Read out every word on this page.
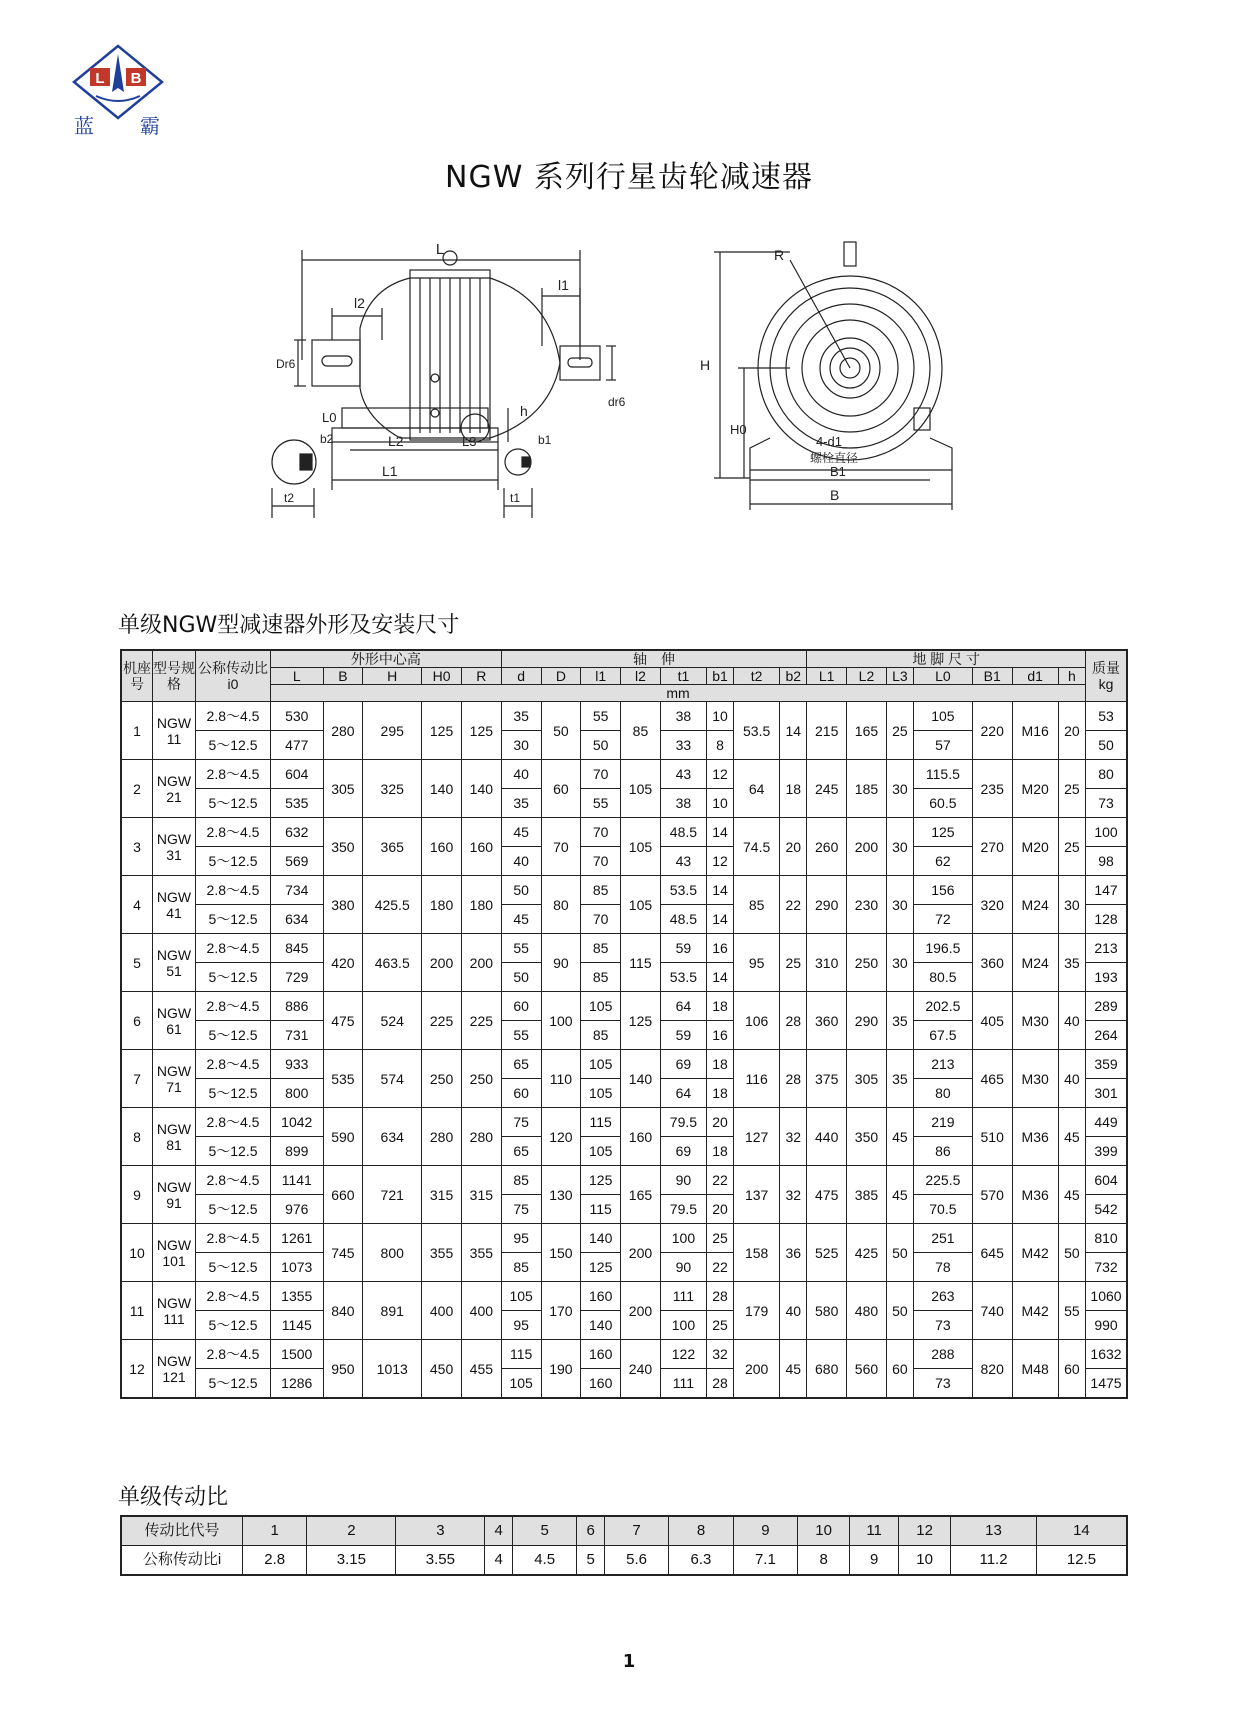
L B
蓝 霸
NGW 系列行星齿轮减速器
L
l2
Dr6
l1
dr6
h
L0
L2	L3
L1
b2
t2
b1
t1
H
H0
R
4-d1
螺栓直径
B1
B
单级NGW型减速器外形及安装尺寸
机座号	型号规格	公称传动比i0	外形中心高					轴　伸								地 脚 尺 寸							质量kg
			L	B	H	H0	R	d	D	l1	l2	t1	b1	t2	b2	L1	L2	L3	L0	B1	d1	h	
			mm																				
1	NGW 11	2.8～4.5	530	280	295	125	125	35	50	55	85	38	10	53.5	14	215	165	25	105	220	M16	20	53
		5～12.5	477					30		50		33	8						57				50
2	NGW 21	2.8～4.5	604	305	325	140	140	40	60	70	105	43	12	64	18	245	185	30	115.5	235	M20	25	80
		5～12.5	535					35		55		38	10						60.5				73
3	NGW 31	2.8～4.5	632	350	365	160	160	45	70	70	105	48.5	14	74.5	20	260	200	30	125	270	M20	25	100
		5～12.5	569					40		70		43	12						62				98
4	NGW 41	2.8～4.5	734	380	425.5	180	180	50	80	85	105	53.5	14	85	22	290	230	30	156	320	M24	30	147
		5～12.5	634					45		70		48.5	14						72				128
5	NGW 51	2.8～4.5	845	420	463.5	200	200	55	90	85	115	59	16	95	25	310	250	30	196.5	360	M24	35	213
		5～12.5	729					50		85		53.5	14						80.5				193
6	NGW 61	2.8～4.5	886	475	524	225	225	60	100	105	125	64	18	106	28	360	290	35	202.5	405	M30	40	289
		5～12.5	731					55		85		59	16						67.5				264
7	NGW 71	2.8～4.5	933	535	574	250	250	65	110	105	140	69	18	116	28	375	305	35	213	465	M30	40	359
		5～12.5	800					60		105		64	18						80				301
8	NGW 81	2.8～4.5	1042	590	634	280	280	75	120	115	160	79.5	20	127	32	440	350	45	219	510	M36	45	449
		5～12.5	899					65		105		69	18						86				399
9	NGW 91	2.8～4.5	1141	660	721	315	315	85	130	125	165	90	22	137	32	475	385	45	225.5	570	M36	45	604
		5～12.5	976					75		115		79.5	20						70.5				542
10	NGW 101	2.8～4.5	1261	745	800	355	355	95	150	140	200	100	25	158	36	525	425	50	251	645	M42	50	810
		5～12.5	1073					85		125		90	22						78				732
11	NGW 111	2.8～4.5	1355	840	891	400	400	105	170	160	200	111	28	179	40	580	480	50	263	740	M42	55	1060
		5～12.5	1145					95		140		100	25						73				990
12	NGW 121	2.8～4.5	1500	950	1013	450	455	115	190	160	240	122	32	200	45	680	560	60	288	820	M48	60	1632
		5～12.5	1286					105		160		111	28						73				1475
单级传动比
传动比代号	1	2	3	4	5	6	7	8	9	10	11	12	13	14
公称传动比i	2.8	3.15	3.55	4	4.5	5	5.6	6.3	7.1	8	9	10	11.2	12.5
1
